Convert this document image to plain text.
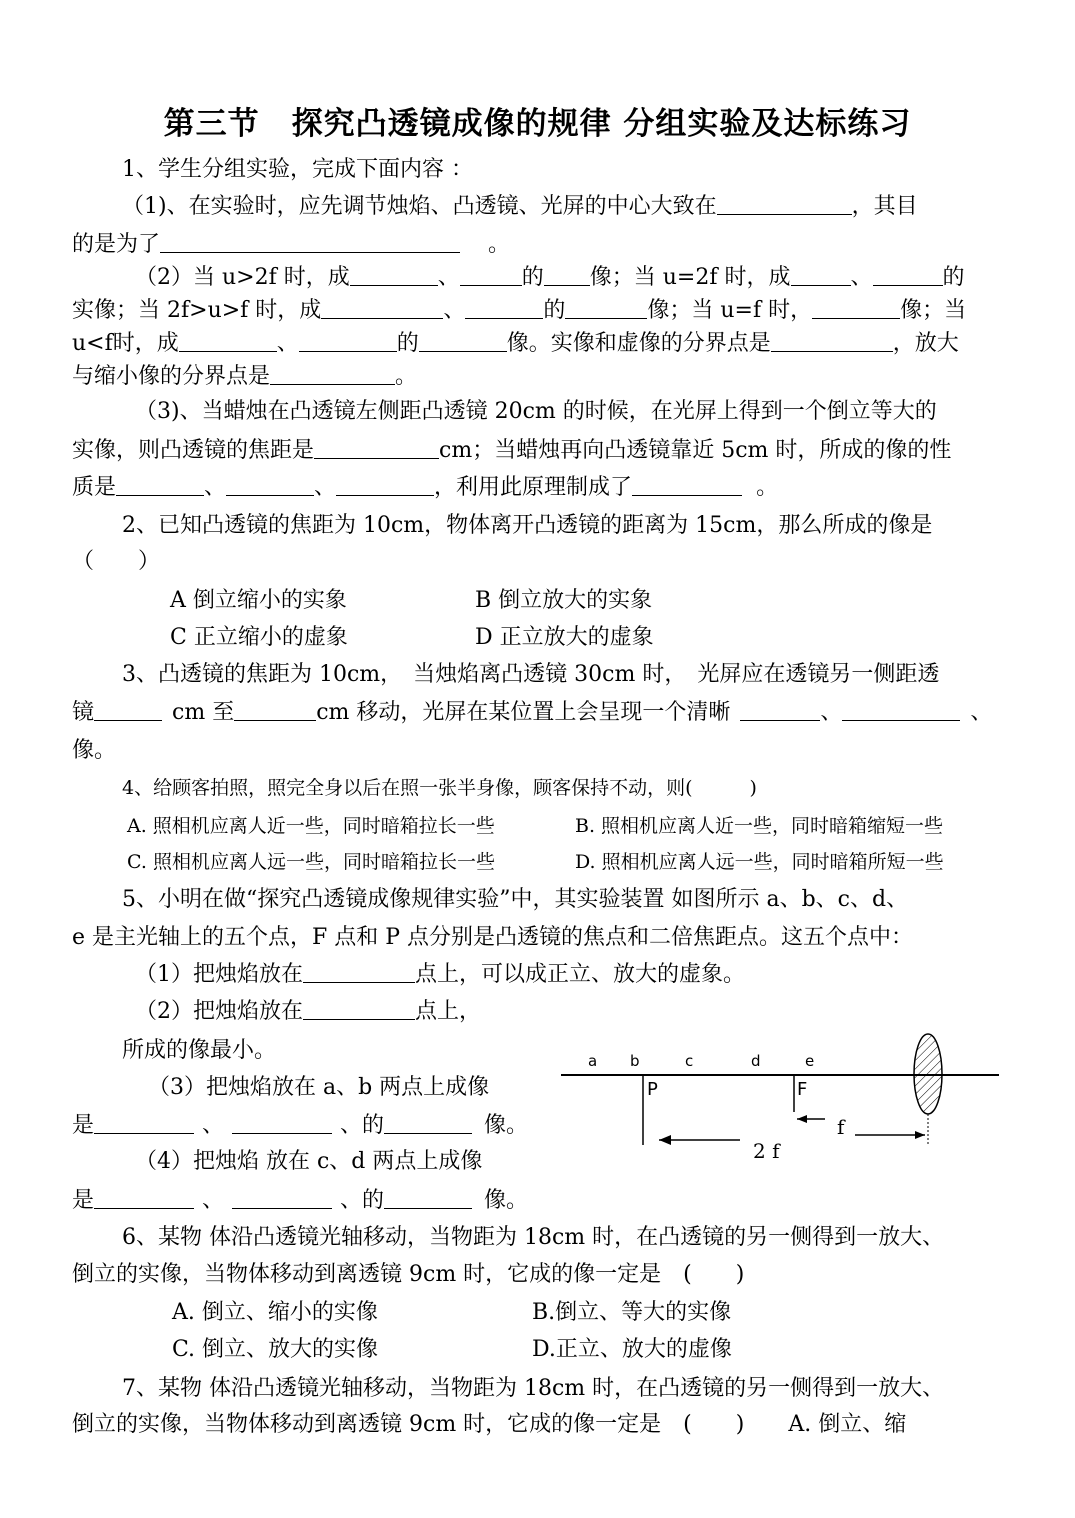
第三节　探究凸透镜成像的规律 分组实验及达标练习
1、学生分组实验，完成下面内容 ：
（1)、在实验时，应先调节烛焰、凸透镜、光屏的中心大致在	，其目
的是为了	。
（2）当 u>2f 时，成	、	的 像；当 u=2f 时，成	、	的
实像；当 2f>u>f 时，成	、	的	像；当 u=f 时，	像；当
u<f时，成	、	的	像。实像和虚像的分界点是	，放大
与缩小像的分界点是	。
（3)、当蜡烛在凸透镜左侧距凸透镜 20cm 的时候，在光屏上得到一个倒立等大的
实像，则凸透镜的焦距是	cm；当蜡烛再向凸透镜靠近 5cm 时，所成的像的性
质是	、	、	，利用此原理制成了	。
2、已知凸透镜的焦距为 10cm，物体离开凸透镜的距离为 15cm，那么所成的像是
（　　）
A 倒立缩小的实象	B 倒立放大的实象
C 正立缩小的虚象	D 正立放大的虚象
3、凸透镜的焦距为 10cm，　当烛焰离凸透镜 30cm 时，　光屏应在透镜另一侧距透
镜	cm 至	cm 移动，光屏在某位置上会呈现一个清晰	、	、
像。
4、给顾客拍照，照完全身以后在照一张半身像，顾客保持不动，则(　　　)
A. 照相机应离人近一些，同时暗箱拉长一些	B. 照相机应离人近一些，同时暗箱缩短一些
C. 照相机应离人远一些，同时暗箱拉长一些	D. 照相机应离人远一些，同时暗箱所短一些
5、小明在做“探究凸透镜成像规律实验”中，其实验装置 如图所示 a、b、c、d、
e 是主光轴上的五个点，F 点和 P 点分别是凸透镜的焦点和二倍焦距点。这五个点中：
（1）把烛焰放在	点上，可以成正立、放大的虚象。
（2）把烛焰放在	点上，
所成的像最小。
（3）把烛焰放在 a、b 两点上成像
是	、	、的	像。
（4）把烛焰 放在 c、d 两点上成像
是	、	、的	像。
a b	c	d	e
P	F
f
2 f
6、某物 体沿凸透镜光轴移动，当物距为 18cm 时，在凸透镜的另一侧得到一放大、
倒立的实像，当物体移动到离透镜 9cm 时，它成的像一定是　(　　)
A. 倒立、缩小的实像	B.倒立、等大的实像
C. 倒立、放大的实像	D.正立、放大的虚像
7、某物 体沿凸透镜光轴移动，当物距为 18cm 时，在凸透镜的另一侧得到一放大、
倒立的实像，当物体移动到离透镜 9cm 时，它成的像一定是　(　　)　　A. 倒立、缩
